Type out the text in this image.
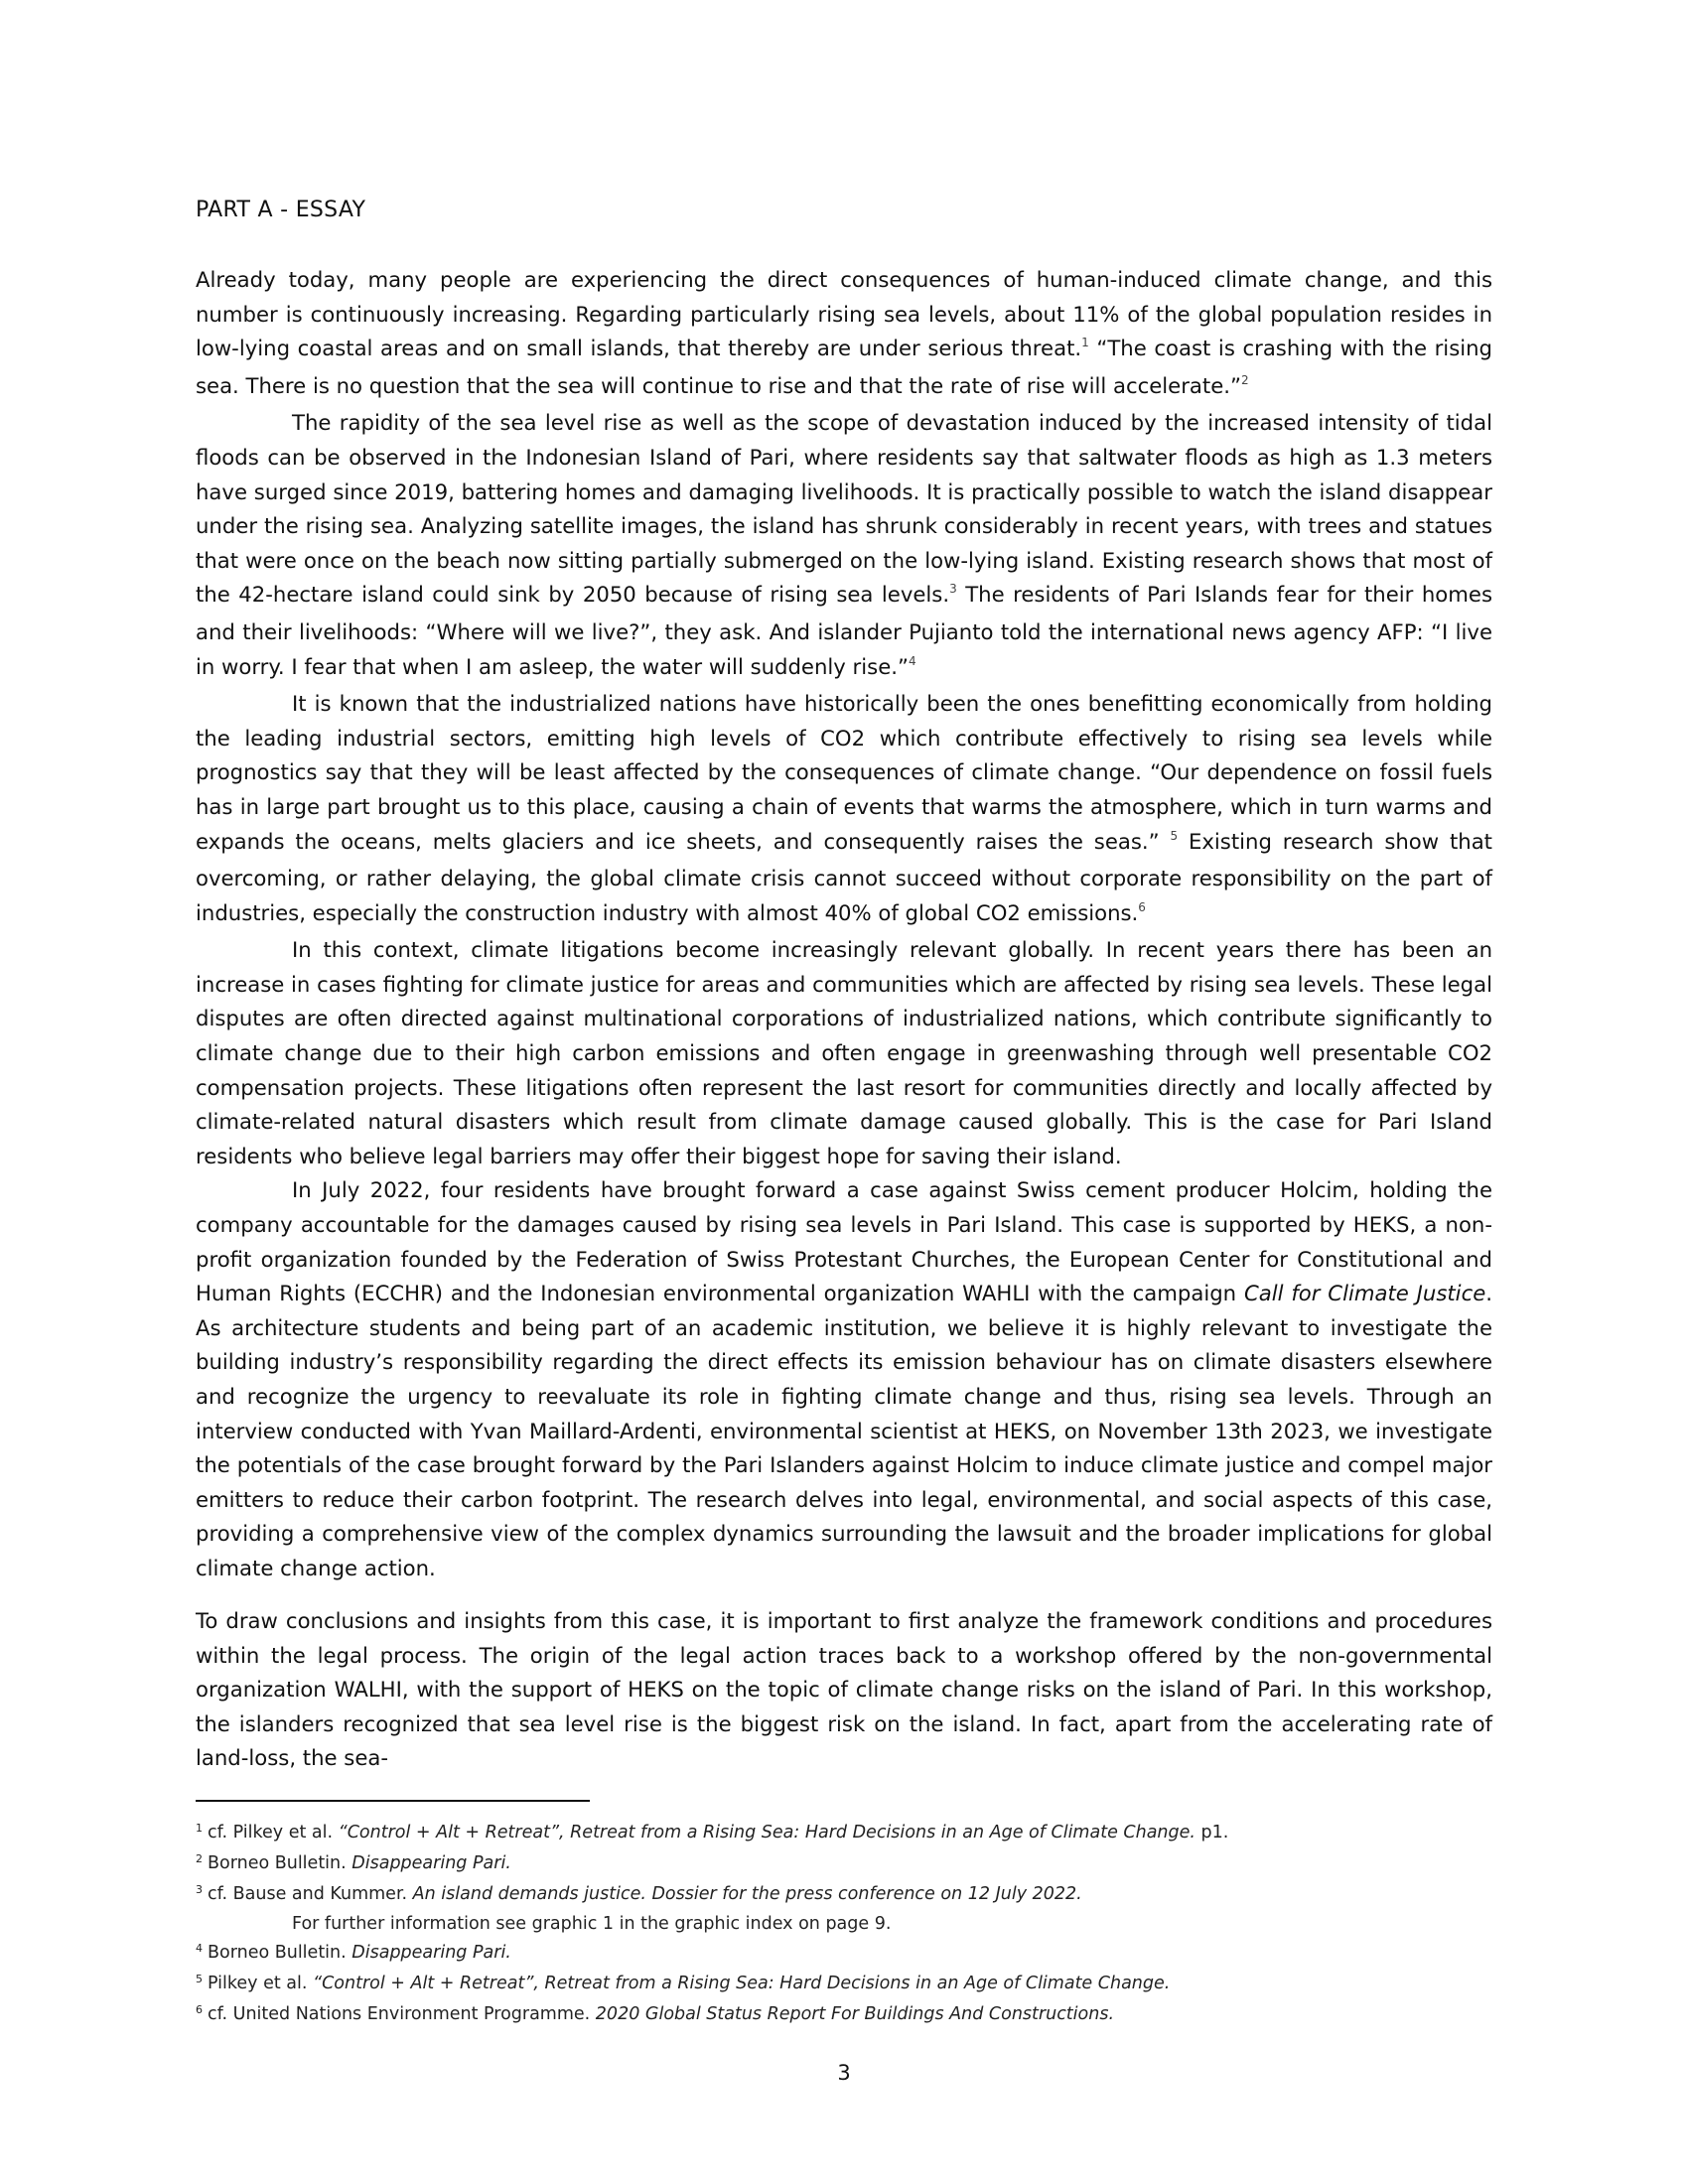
PART A - ESSAY

Already today, many people are experiencing the direct consequences of human-induced climate change, and this number is continuously increasing. Regarding particularly rising sea levels, about 11% of the global population resides in low-lying coastal areas and on small islands, that thereby are under serious threat.$^1$ “The coast is crashing with the rising sea. There is no question that the sea will continue to rise and that the rate of rise will accelerate.”$^2$

The rapidity of the sea level rise as well as the scope of devastation induced by the increased intensity of tidal floods can be observed in the Indonesian Island of Pari, where residents say that saltwater floods as high as 1.3 meters have surged since 2019, battering homes and damaging livelihoods. It is practically possible to watch the island disappear under the rising sea. Analyzing satellite images, the island has shrunk considerably in recent years, with trees and statues that were once on the beach now sitting partially submerged on the low-lying island. Existing research shows that most of the 42-hectare island could sink by 2050 because of rising sea levels.$^3$ The residents of Pari Islands fear for their homes and their livelihoods: “Where will we live?”, they ask. And islander Pujianto told the international news agency AFP: “I live in worry. I fear that when I am asleep, the water will suddenly rise.”$^4$

It is known that the industrialized nations have historically been the ones benefitting economically from holding the leading industrial sectors, emitting high levels of CO2 which contribute effectively to rising sea levels while prognostics say that they will be least affected by the consequences of climate change. “Our dependence on fossil fuels has in large part brought us to this place, causing a chain of events that warms the atmosphere, which in turn warms and expands the oceans, melts glaciers and ice sheets, and consequently raises the seas.” $^5$ Existing research show that overcoming, or rather delaying, the global climate crisis cannot succeed without corporate responsibility on the part of industries, especially the construction industry with almost 40% of global CO2 emissions.$^6$

In this context, climate litigations become increasingly relevant globally. In recent years there has been an increase in cases fighting for climate justice for areas and communities which are affected by rising sea levels. These legal disputes are often directed against multinational corporations of industrialized nations, which contribute significantly to climate change due to their high carbon emissions and often engage in greenwashing through well presentable CO2 compensation projects. These litigations often represent the last resort for communities directly and locally affected by climate-related natural disasters which result from climate damage caused globally. This is the case for Pari Island residents who believe legal barriers may offer their biggest hope for saving their island.

In July 2022, four residents have brought forward a case against Swiss cement producer Holcim, holding the company accountable for the damages caused by rising sea levels in Pari Island. This case is supported by HEKS, a non-profit organization founded by the Federation of Swiss Protestant Churches, the European Center for Constitutional and Human Rights (ECCHR) and the Indonesian environmental organization WAHLI with the campaign Call for Climate Justice. As architecture students and being part of an academic institution, we believe it is highly relevant to investigate the building industry’s responsibility regarding the direct effects its emission behaviour has on climate disasters elsewhere and recognize the urgency to reevaluate its role in fighting climate change and thus, rising sea levels. Through an interview conducted with Yvan Maillard-Ardenti, environmental scientist at HEKS, on November 13th 2023, we investigate the potentials of the case brought forward by the Pari Islanders against Holcim to induce climate justice and compel major emitters to reduce their carbon footprint. The research delves into legal, environmental, and social aspects of this case, providing a comprehensive view of the complex dynamics surrounding the lawsuit and the broader implications for global climate change action.

To draw conclusions and insights from this case, it is important to first analyze the framework conditions and procedures within the legal process. The origin of the legal action traces back to a workshop offered by the non-governmental organization WALHI, with the support of HEKS on the topic of climate change risks on the island of Pari. In this workshop, the islanders recognized that sea level rise is the biggest risk on the island. In fact, apart from the accelerating rate of land-loss, the sea-

$^1$ cf. Pilkey et al. “Control + Alt + Retreat”, Retreat from a Rising Sea: Hard Decisions in an Age of Climate Change. p1.

$^2$ Borneo Bulletin. Disappearing Pari.

$^3$ cf. Bause and Kummer. An island demands justice. Dossier for the press conference on 12 July 2022.

For further information see graphic 1 in the graphic index on page 9.

$^4$ Borneo Bulletin. Disappearing Pari.

$^5$ Pilkey et al. “Control + Alt + Retreat”, Retreat from a Rising Sea: Hard Decisions in an Age of Climate Change.

$^6$ cf. United Nations Environment Programme. 2020 Global Status Report For Buildings And Constructions.

3
